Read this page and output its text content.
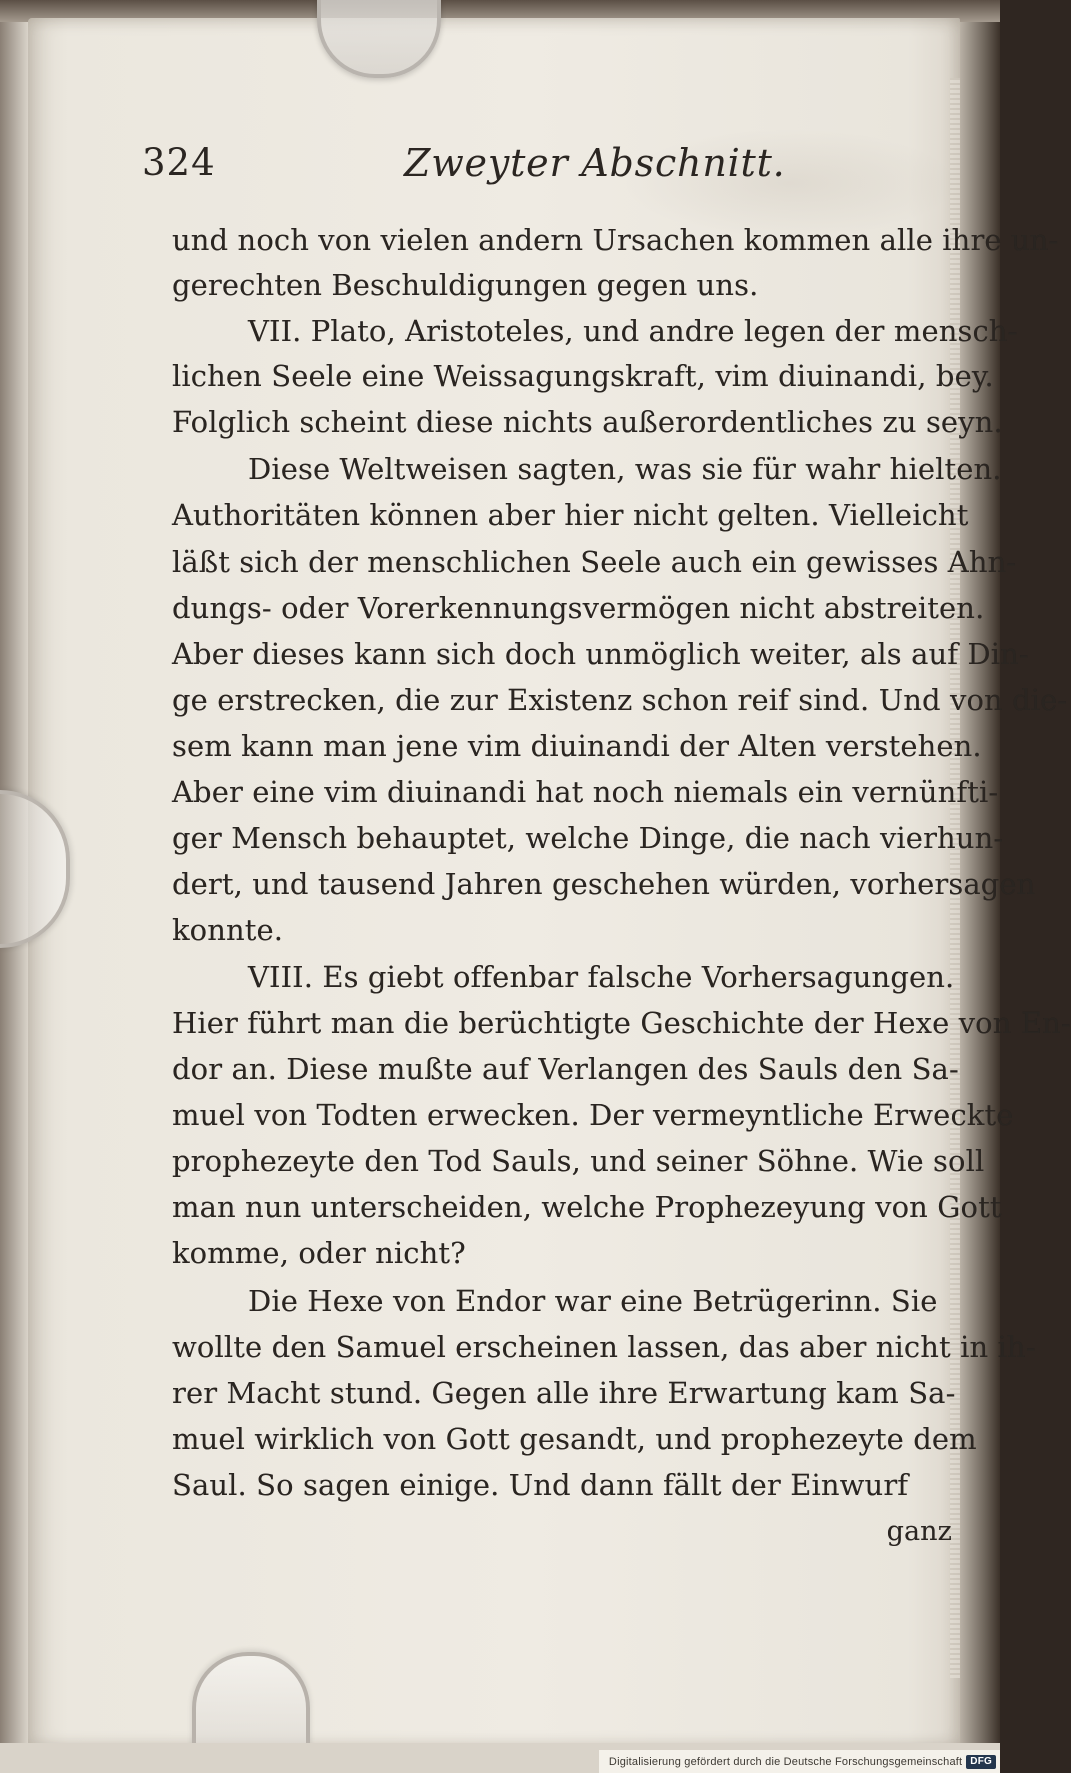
324	Zweyter Abschnitt.
und noch von vielen andern Ursachen kommen alle ihre un-
gerechten Beschuldigungen gegen uns.
VII. Plato, Aristoteles, und andre legen der mensch-
lichen Seele eine Weissagungskraft, vim diuinandi, bey.
Folglich scheint diese nichts außerordentliches zu seyn.
Diese Weltweisen sagten, was sie für wahr hielten.
Authoritäten können aber hier nicht gelten. Vielleicht
läßt sich der menschlichen Seele auch ein gewisses Ahn-
dungs- oder Vorerkennungsvermögen nicht abstreiten.
Aber dieses kann sich doch unmöglich weiter, als auf Din-
ge erstrecken, die zur Existenz schon reif sind. Und von die-
sem kann man jene vim diuinandi der Alten verstehen.
Aber eine vim diuinandi hat noch niemals ein vernünfti-
ger Mensch behauptet, welche Dinge, die nach vierhun-
dert, und tausend Jahren geschehen würden, vorhersagen
konnte.
VIII. Es giebt offenbar falsche Vorhersagungen.
Hier führt man die berüchtigte Geschichte der Hexe von En-
dor an. Diese mußte auf Verlangen des Sauls den Sa-
muel von Todten erwecken. Der vermeyntliche Erweckte
prophezeyte den Tod Sauls, und seiner Söhne. Wie soll
man nun unterscheiden, welche Prophezeyung von Gott
komme, oder nicht?
Die Hexe von Endor war eine Betrügerinn. Sie
wollte den Samuel erscheinen lassen, das aber nicht in ih-
rer Macht stund. Gegen alle ihre Erwartung kam Sa-
muel wirklich von Gott gesandt, und prophezeyte dem
Saul. So sagen einige. Und dann fällt der Einwurf
ganz
Digitalisierung gefördert durch die Deutsche Forschungsgemeinschaft DFG
